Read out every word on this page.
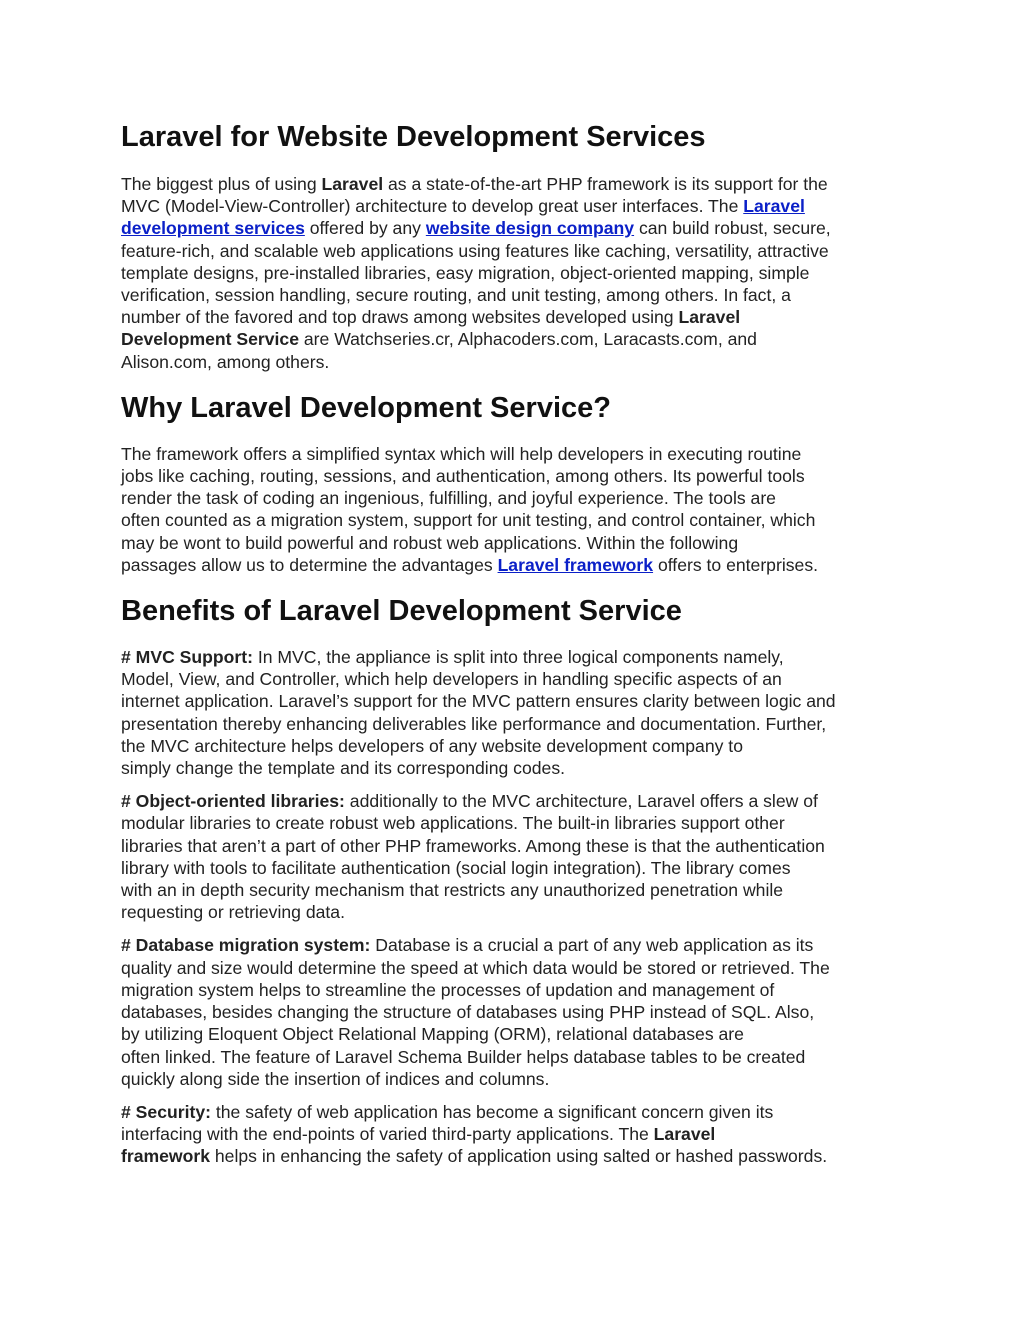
Laravel for Website Development Services
The biggest plus of using Laravel as a state-of-the-art PHP framework is its support for the
MVC (Model-View-Controller) architecture to develop great user interfaces. The Laravel
development services offered by any website design company can build robust, secure,
feature-rich, and scalable web applications using features like caching, versatility, attractive
template designs, pre-installed libraries, easy migration, object-oriented mapping, simple
verification, session handling, secure routing, and unit testing, among others. In fact, a
number of the favored and top draws among websites developed using Laravel
Development Service are Watchseries.cr, Alphacoders.com, Laracasts.com, and
Alison.com, among others.
Why Laravel Development Service?
The framework offers a simplified syntax which will help developers in executing routine
jobs like caching, routing, sessions, and authentication, among others. Its powerful tools
render the task of coding an ingenious, fulfilling, and joyful experience. The tools are
often counted as a migration system, support for unit testing, and control container, which
may be wont to build powerful and robust web applications. Within the following
passages allow us to determine the advantages Laravel framework offers to enterprises.
Benefits of Laravel Development Service
# MVC Support: In MVC, the appliance is split into three logical components namely,
Model, View, and Controller, which help developers in handling specific aspects of an
internet application. Laravel’s support for the MVC pattern ensures clarity between logic and
presentation thereby enhancing deliverables like performance and documentation. Further,
the MVC architecture helps developers of any website development company to
simply change the template and its corresponding codes.
# Object-oriented libraries: additionally to the MVC architecture, Laravel offers a slew of
modular libraries to create robust web applications. The built-in libraries support other
libraries that aren’t a part of other PHP frameworks. Among these is that the authentication
library with tools to facilitate authentication (social login integration). The library comes
with an in depth security mechanism that restricts any unauthorized penetration while
requesting or retrieving data.
# Database migration system: Database is a crucial a part of any web application as its
quality and size would determine the speed at which data would be stored or retrieved. The
migration system helps to streamline the processes of updation and management of
databases, besides changing the structure of databases using PHP instead of SQL. Also,
by utilizing Eloquent Object Relational Mapping (ORM), relational databases are
often linked. The feature of Laravel Schema Builder helps database tables to be created
quickly along side the insertion of indices and columns.
# Security: the safety of web application has become a significant concern given its
interfacing with the end-points of varied third-party applications. The Laravel
framework helps in enhancing the safety of application using salted or hashed passwords.
